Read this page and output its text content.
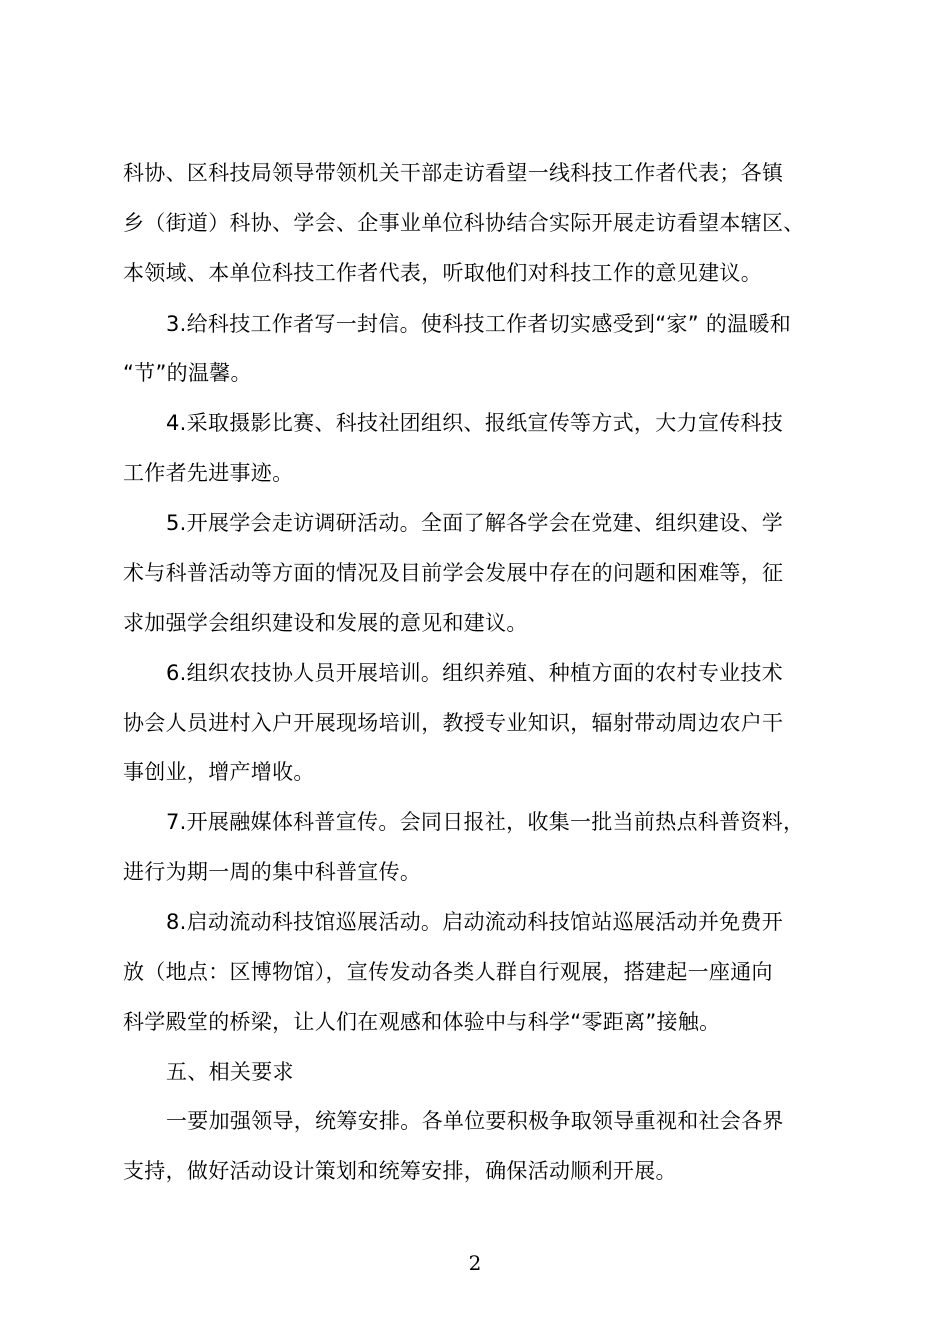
科协、区科技局领导带领机关干部走访看望一线科技工作者代表；各镇
乡（街道）科协、学会、企事业单位科协结合实际开展走访看望本辖区、
本领域、本单位科技工作者代表，听取他们对科技工作的意见建议。
3.给科技工作者写一封信。使科技工作者切实感受到“家” 的温暖和
“节”的温馨。
4.采取摄影比赛、科技社团组织、报纸宣传等方式，大力宣传科技
工作者先进事迹。
5.开展学会走访调研活动。全面了解各学会在党建、组织建设、学
术与科普活动等方面的情况及目前学会发展中存在的问题和困难等，征
求加强学会组织建设和发展的意见和建议。
6.组织农技协人员开展培训。组织养殖、种植方面的农村专业技术
协会人员进村入户开展现场培训，教授专业知识，辐射带动周边农户干
事创业，增产增收。
7.开展融媒体科普宣传。会同日报社，收集一批当前热点科普资料，
进行为期一周的集中科普宣传。
8.启动流动科技馆巡展活动。启动流动科技馆站巡展活动并免费开
放（地点：区博物馆），宣传发动各类人群自行观展，搭建起一座通向
科学殿堂的桥梁，让人们在观感和体验中与科学“零距离”接触。
五、相关要求
一要加强领导，统筹安排。各单位要积极争取领导重视和社会各界
支持，做好活动设计策划和统筹安排，确保活动顺利开展。
2
